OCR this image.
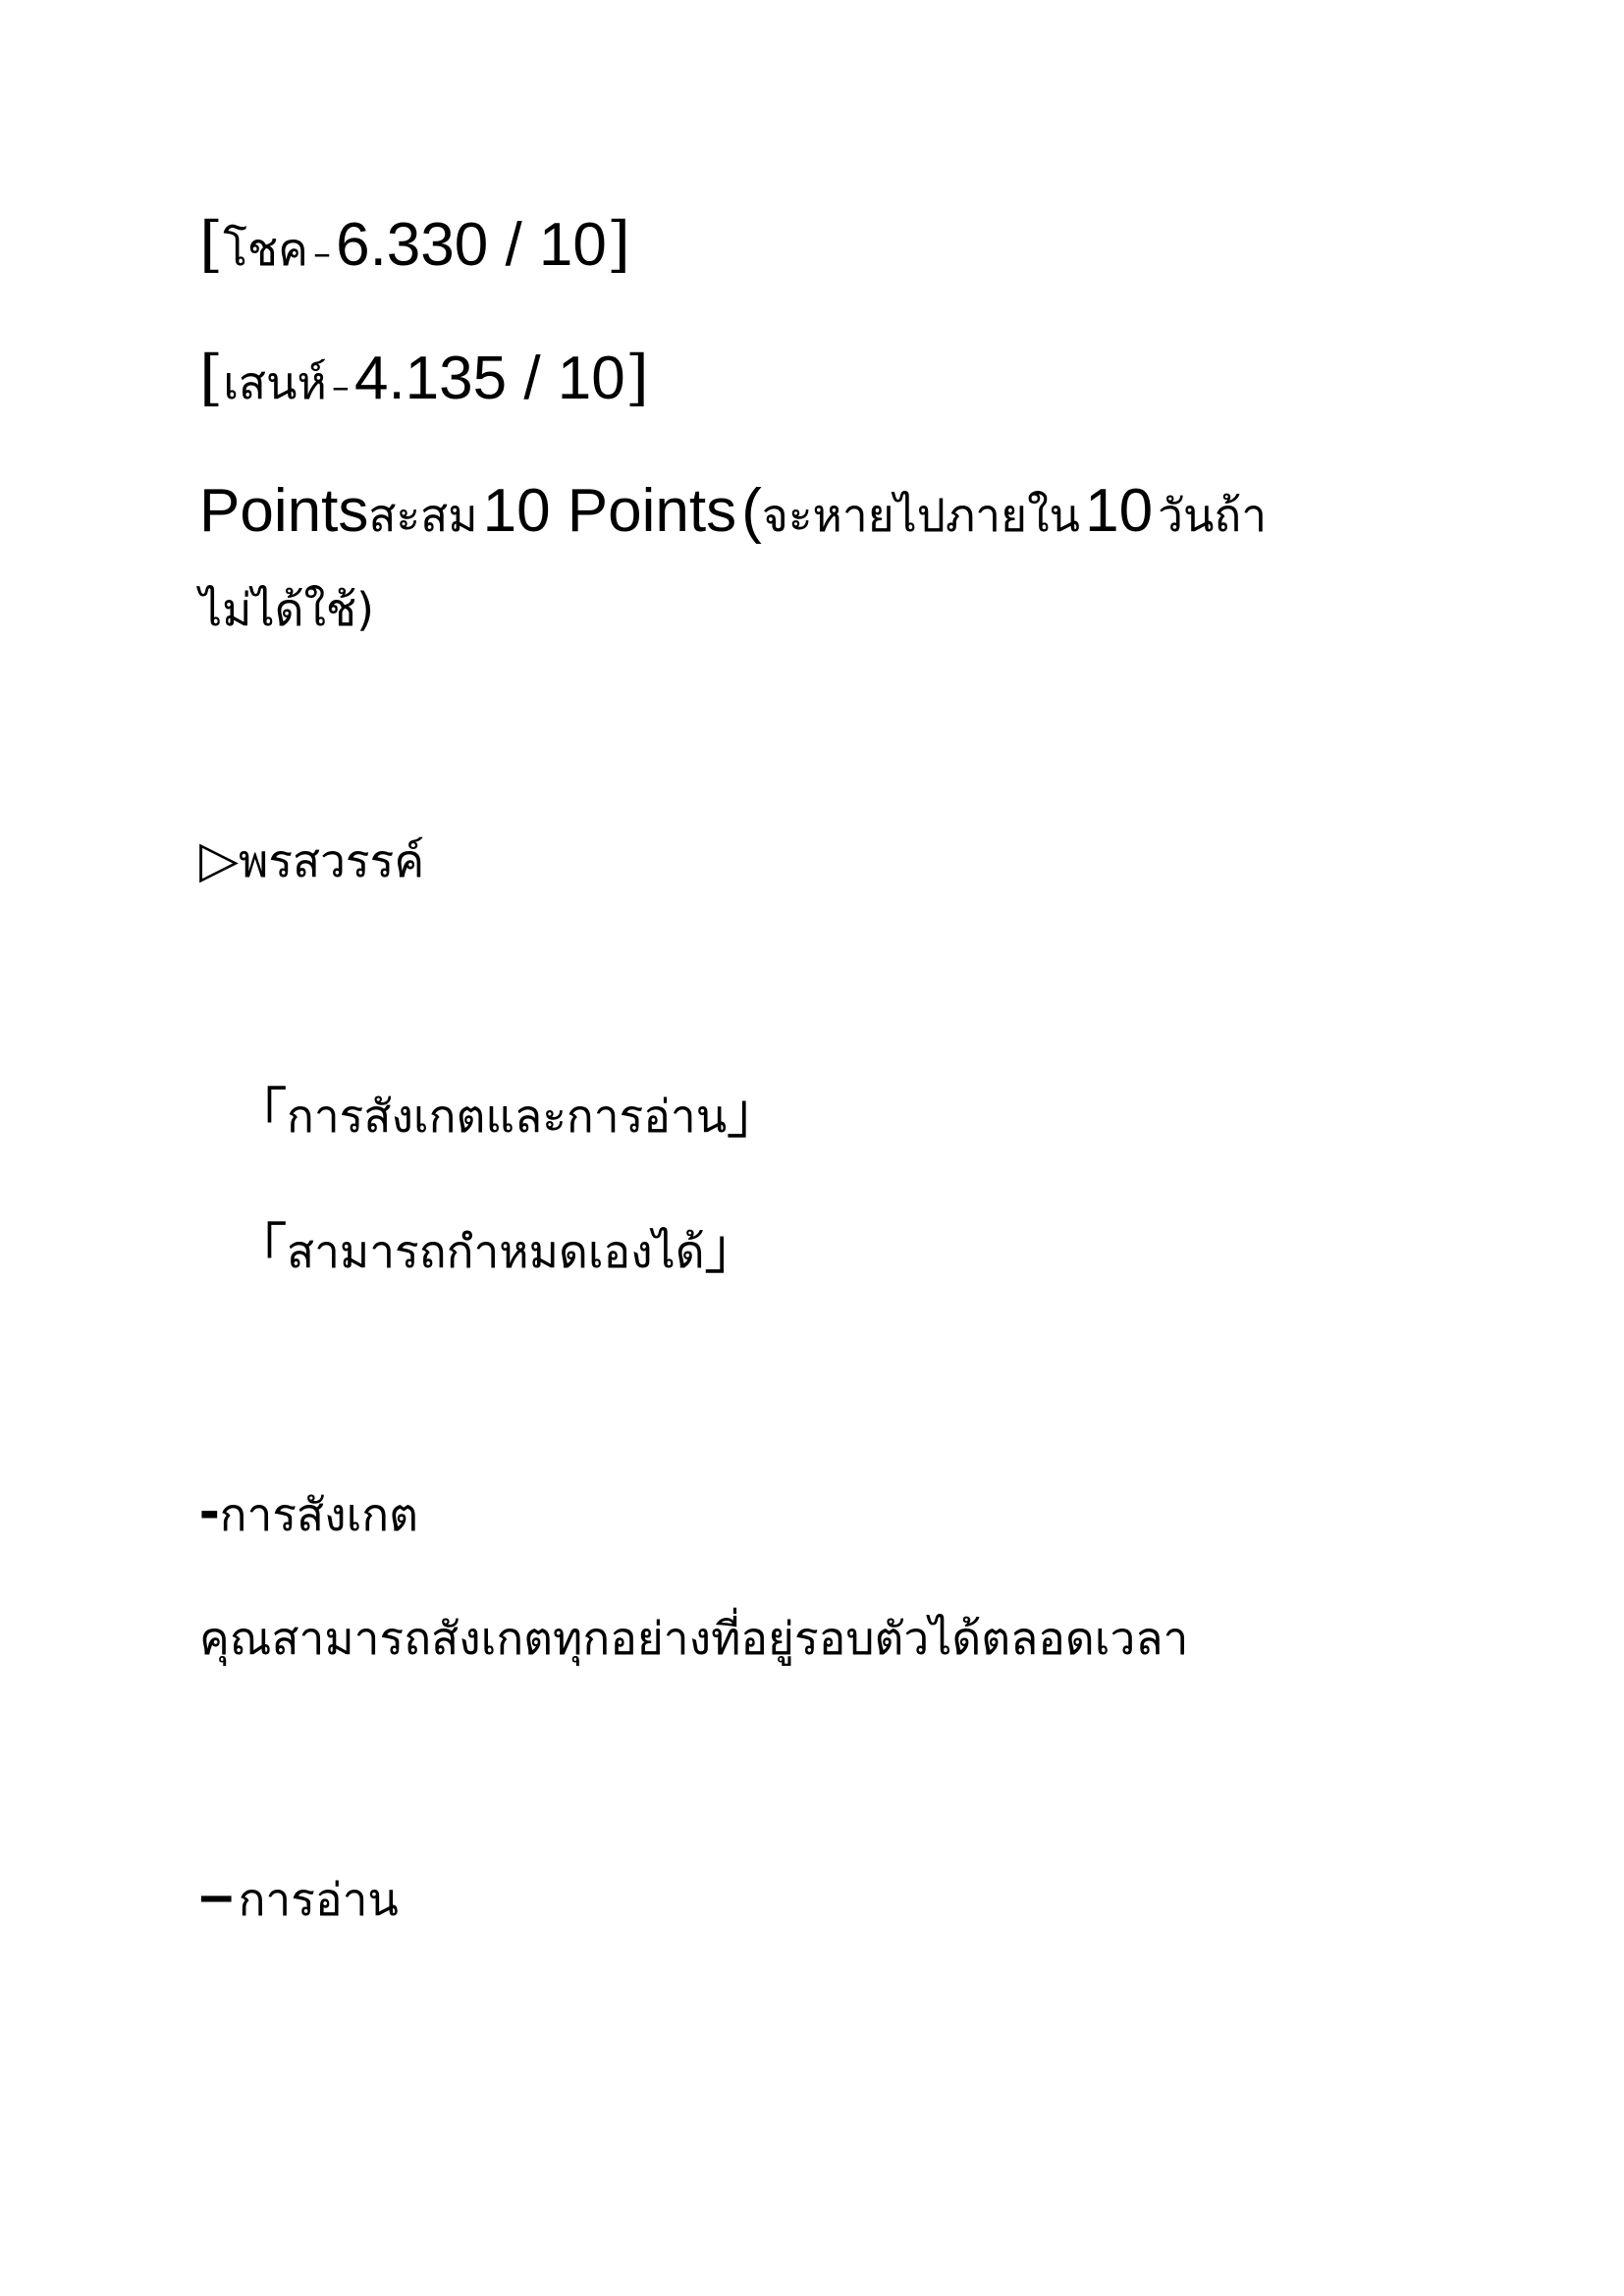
[โชค – 6.330 / 10]
[เสนห์ – 4.135 / 10]
Pointsสะสม 10 Points (จะหายไปภายใน 10 วันถ้า
ไม่ได้ใช้)
▷พรสวรรค์
「การสังเกตและการอ่าน」
「สามารถกำหมดเองได้」
-การสังเกต
คุณสามารถสังเกตทุกอย่างที่อยู่รอบตัวได้ตลอดเวลา
– การอ่าน
